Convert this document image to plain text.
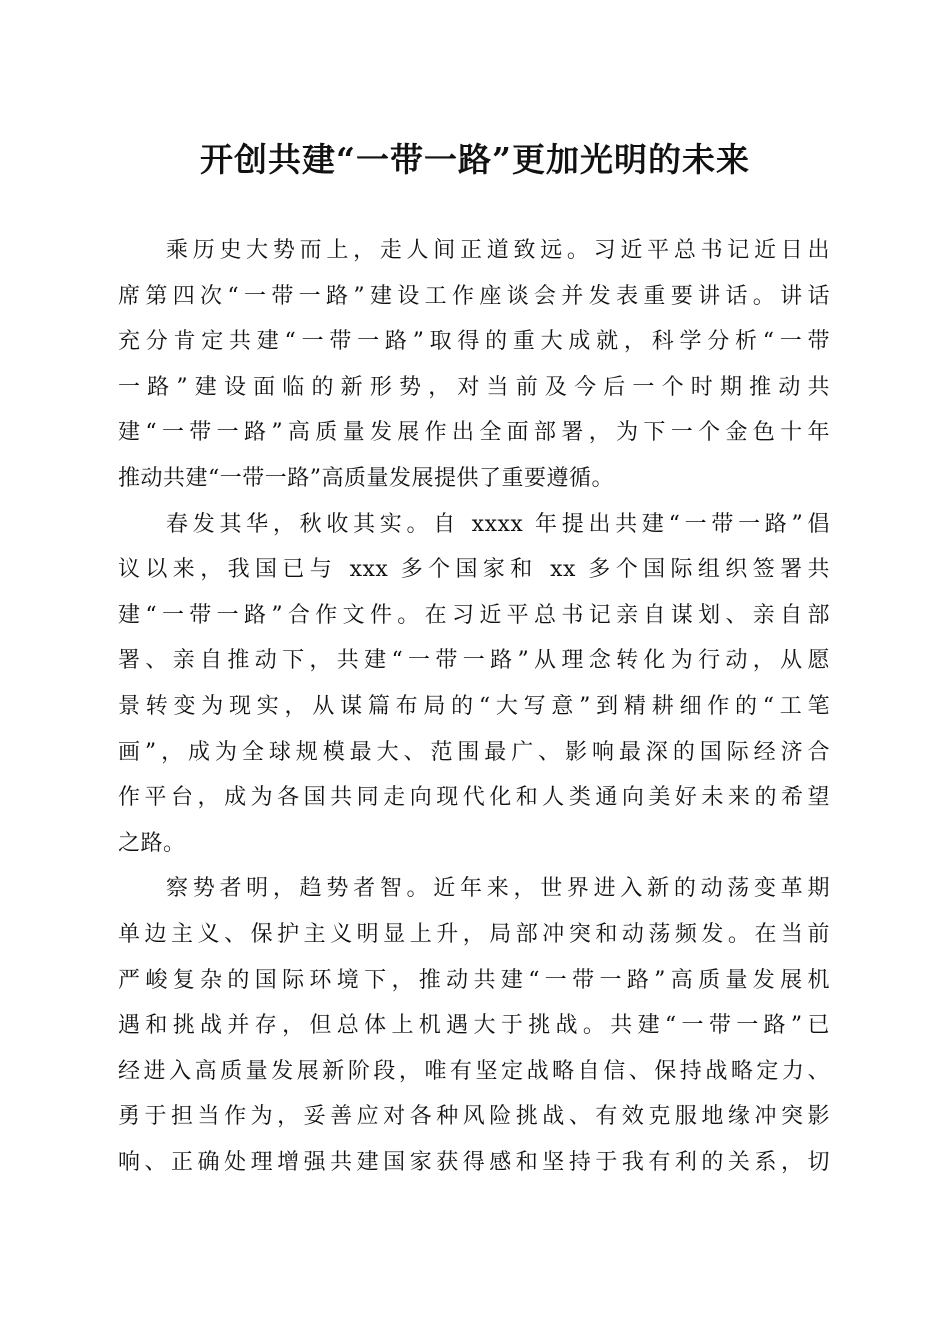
开创共建“一带一路”更加光明的未来
乘历史大势而上，走人间正道致远。习近平总书记近日出
席第四次“一带一路”建设工作座谈会并发表重要讲话。讲话
充分肯定共建“一带一路”取得的重大成就，科学分析“一带
一路”建设面临的新形势，对当前及今后一个时期推动共
建“一带一路”高质量发展作出全面部署，为下一个金色十年
推动共建“一带一路”高质量发展提供了重要遵循。
春发其华，秋收其实。自 xxxx 年提出共建“一带一路”倡
议以来，我国已与 xxx 多个国家和 xx 多个国际组织签署共
建“一带一路”合作文件。在习近平总书记亲自谋划、亲自部
署、亲自推动下，共建“一带一路”从理念转化为行动，从愿
景转变为现实，从谋篇布局的“大写意”到精耕细作的“工笔
画”，成为全球规模最大、范围最广、影响最深的国际经济合
作平台，成为各国共同走向现代化和人类通向美好未来的希望
之路。
察势者明，趋势者智。近年来，世界进入新的动荡变革期
单边主义、保护主义明显上升，局部冲突和动荡频发。在当前
严峻复杂的国际环境下，推动共建“一带一路”高质量发展机
遇和挑战并存，但总体上机遇大于挑战。共建“一带一路”已
经进入高质量发展新阶段，唯有坚定战略自信、保持战略定力、
勇于担当作为，妥善应对各种风险挑战、有效克服地缘冲突影
响、正确处理增强共建国家获得感和坚持于我有利的关系，切
